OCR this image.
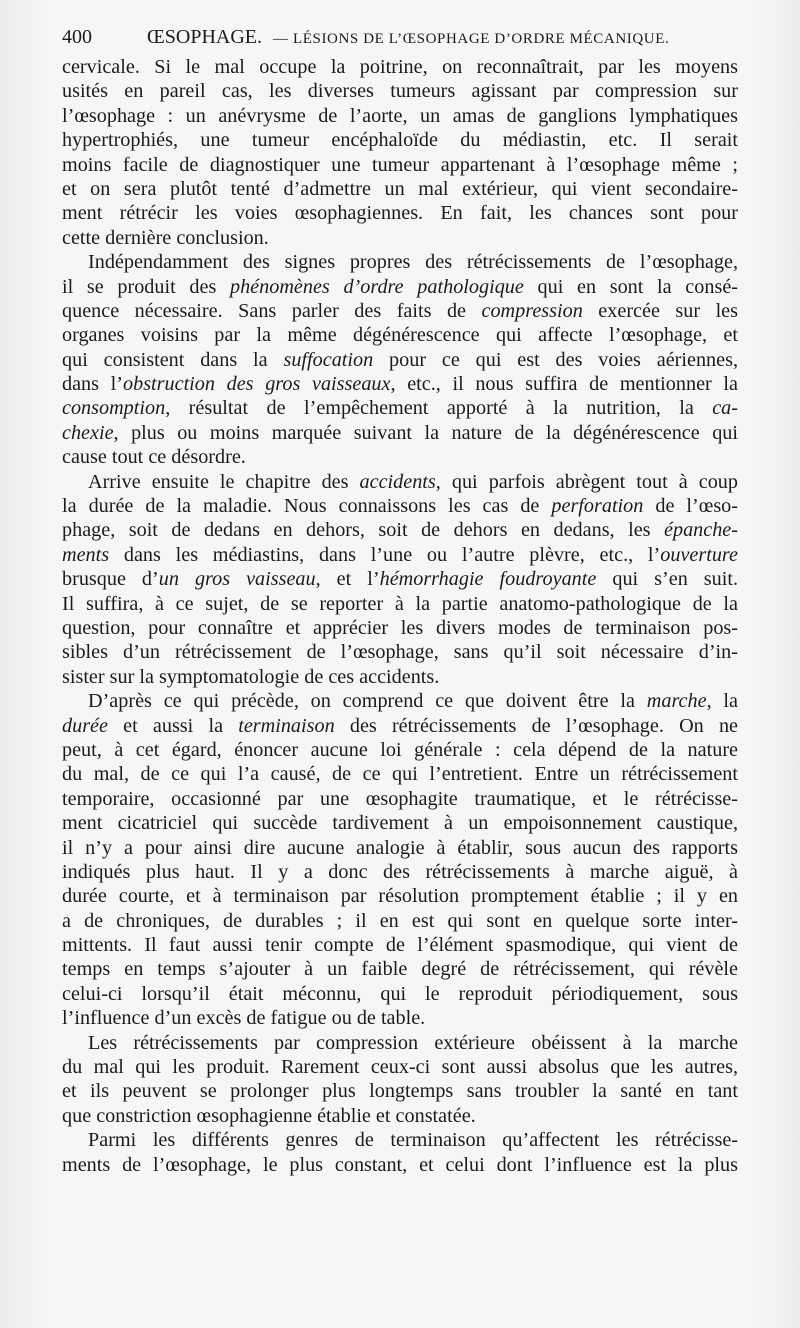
400	ŒSOPHAGE. — LÉSIONS DE L’ŒSOPHAGE D’ORDRE MÉCANIQUE.
cervicale. Si le mal occupe la poitrine, on reconnaîtrait, par les moyens
usités en pareil cas, les diverses tumeurs agissant par compression sur
l’œsophage : un anévrysme de l’aorte, un amas de ganglions lymphatiques
hypertrophiés, une tumeur encéphaloïde du médiastin, etc. Il serait
moins facile de diagnostiquer une tumeur appartenant à l’œsophage même ;
et on sera plutôt tenté d’admettre un mal extérieur, qui vient secondaire-
ment rétrécir les voies œsophagiennes. En fait, les chances sont pour
cette dernière conclusion.
Indépendamment des signes propres des rétrécissements de l’œsophage,
il se produit des phénomènes d’ordre pathologique qui en sont la consé-
quence nécessaire. Sans parler des faits de compression exercée sur les
organes voisins par la même dégénérescence qui affecte l’œsophage, et
qui consistent dans la suffocation pour ce qui est des voies aériennes,
dans l’obstruction des gros vaisseaux, etc., il nous suffira de mentionner la
consomption, résultat de l’empêchement apporté à la nutrition, la ca-
chexie, plus ou moins marquée suivant la nature de la dégénérescence qui
cause tout ce désordre.
Arrive ensuite le chapitre des accidents, qui parfois abrègent tout à coup
la durée de la maladie. Nous connaissons les cas de perforation de l’œso-
phage, soit de dedans en dehors, soit de dehors en dedans, les épanche-
ments dans les médiastins, dans l’une ou l’autre plèvre, etc., l’ouverture
brusque d’un gros vaisseau, et l’hémorrhagie foudroyante qui s’en suit.
Il suffira, à ce sujet, de se reporter à la partie anatomo-pathologique de la
question, pour connaître et apprécier les divers modes de terminaison pos-
sibles d’un rétrécissement de l’œsophage, sans qu’il soit nécessaire d’in-
sister sur la symptomatologie de ces accidents.
D’après ce qui précède, on comprend ce que doivent être la marche, la
durée et aussi la terminaison des rétrécissements de l’œsophage. On ne
peut, à cet égard, énoncer aucune loi générale : cela dépend de la nature
du mal, de ce qui l’a causé, de ce qui l’entretient. Entre un rétrécissement
temporaire, occasionné par une œsophagite traumatique, et le rétrécisse-
ment cicatriciel qui succède tardivement à un empoisonnement caustique,
il n’y a pour ainsi dire aucune analogie à établir, sous aucun des rapports
indiqués plus haut. Il y a donc des rétrécissements à marche aiguë, à
durée courte, et à terminaison par résolution promptement établie ; il y en
a de chroniques, de durables ; il en est qui sont en quelque sorte inter-
mittents. Il faut aussi tenir compte de l’élément spasmodique, qui vient de
temps en temps s’ajouter à un faible degré de rétrécissement, qui révèle
celui-ci lorsqu’il était méconnu, qui le reproduit périodiquement, sous
l’influence d’un excès de fatigue ou de table.
Les rétrécissements par compression extérieure obéissent à la marche
du mal qui les produit. Rarement ceux-ci sont aussi absolus que les autres,
et ils peuvent se prolonger plus longtemps sans troubler la santé en tant
que constriction œsophagienne établie et constatée.
Parmi les différents genres de terminaison qu’affectent les rétrécisse-
ments de l’œsophage, le plus constant, et celui dont l’influence est la plus
